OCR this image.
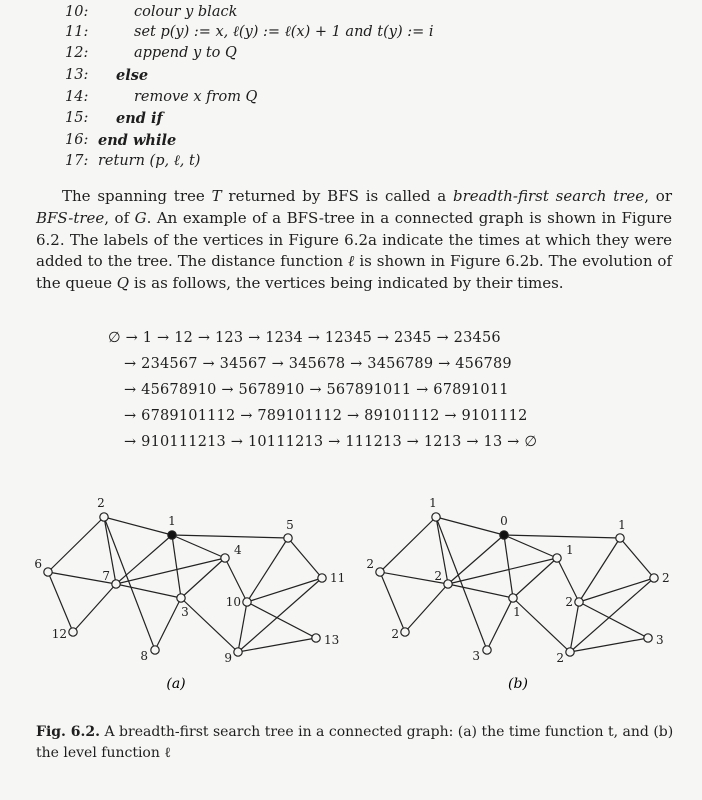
10:	colour y black
11:	set p(y) := x, ℓ(y) := ℓ(x) + 1 and t(y) := i
12:	append y to Q
13: else
14:	remove x from Q
15: end if
16: end while
17: return (p, ℓ, t)

The spanning tree T returned by BFS is called a breadth-first search tree, or BFS-tree, of G. An example of a BFS-tree in a connected graph is shown in Figure 6.2. The labels of the vertices in Figure 6.2a indicate the times at which they were added to the tree. The distance function ℓ is shown in Figure 6.2b. The evolution of the queue Q is as follows, the vertices being indicated by their times.

∅ → 1 → 12 → 123 → 1234 → 12345 → 2345 → 23456
→ 234567 → 34567 → 345678 → 3456789 → 456789
→ 45678910 → 5678910 → 567891011 → 67891011
→ 6789101112 → 789101112 → 89101112 → 9101112
→ 910111213 → 10111213 → 111213 → 1213 → 13 → ∅
1
2
3
4
5
6
7
8	9
10
11
12	13
0
1
1
1
1
2
2
3	2
2
2
2	3
(a)	(b)

Fig. 6.2. A breadth-first search tree in a connected graph: (a) the time function t, and (b) the level function ℓ
